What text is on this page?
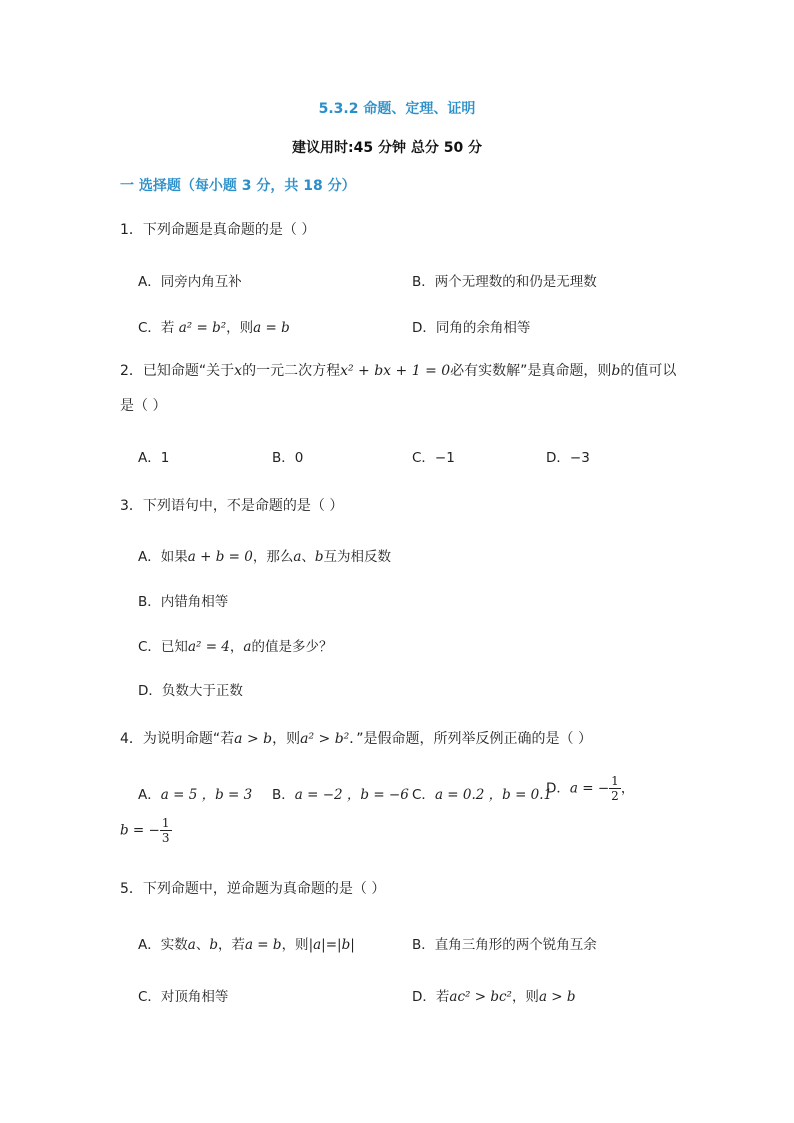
5.3.2 命题、定理、证明
建议用时:45 分钟 总分 50 分
一 选择题（每小题 3 分，共 18 分）
1．下列命题是真命题的是（ ）
A．同旁内角互补	B．两个无理数的和仍是无理数
C．若 a² = b²，则a = b	D．同角的余角相等
2．已知命题“关于x的一元二次方程x² + bx + 1 = 0必有实数解”是真命题，则b的值可以
是（ ）
A．1	B．0	C．−1	D．−3
3．下列语句中，不是命题的是（ ）
A．如果a + b = 0，那么a、b互为相反数
B．内错角相等
C．已知a² = 4，a的值是多少？
D．负数大于正数
4．为说明命题“若a > b，则a² > b²．”是假命题，所列举反例正确的是（ ）
A．a = 5 ，b = 3 B．a = −2 ，b = −6 C．a = 0.2 ，b = 0.1
D．a = − $\frac{1}{2}$ ，
b = − $\frac{1}{3}$
5．下列命题中，逆命题为真命题的是（ ）
A．实数a、b，若a = b，则|a|=|b|	B．直角三角形的两个锐角互余
C．对顶角相等	D．若ac² > bc²，则a > b
